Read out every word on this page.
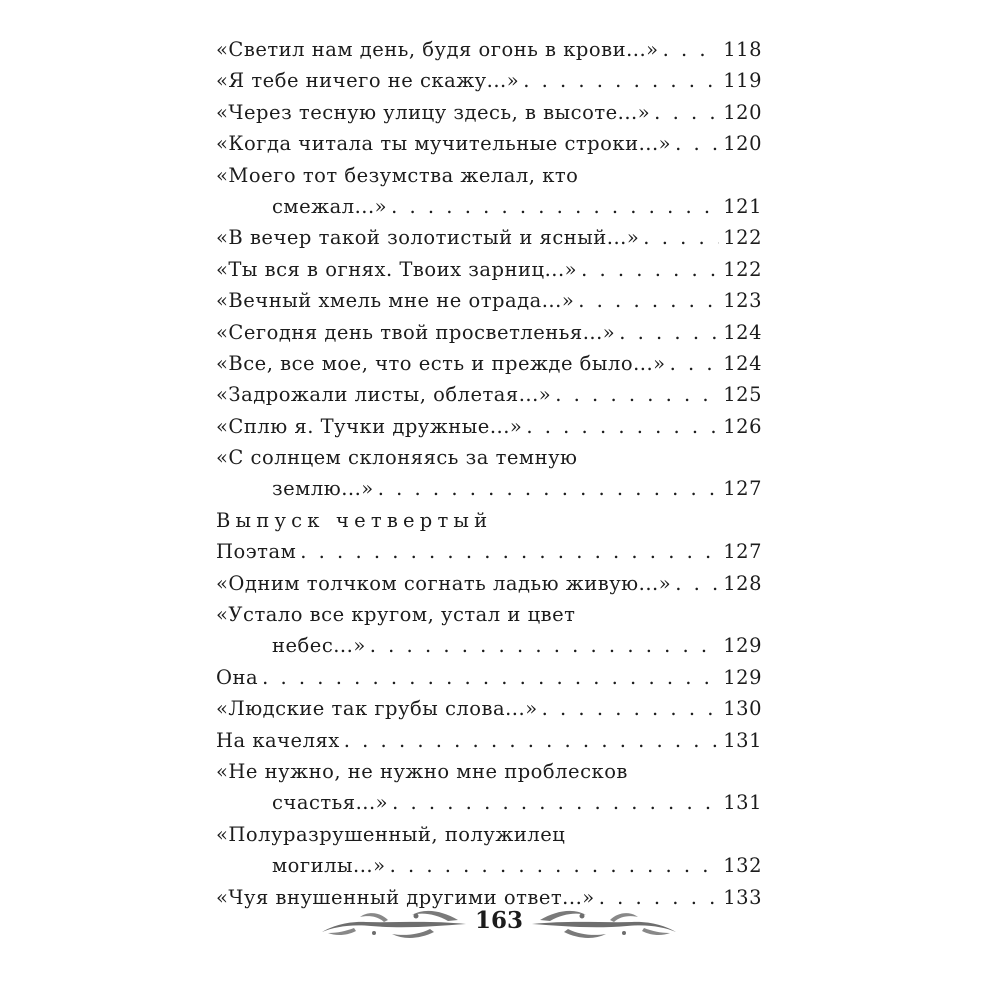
«Светил нам день, будя огонь в крови...» . . .	118
«Я тебе ничего не скажу...» . . .	119
«Через тесную улицу здесь, в высоте...» . . .	120
«Когда читала ты мучительные строки...» . . .	120
«Моего тот безумства желал, кто
смежал...» . . .	121
«В вечер такой золотистый и ясный...» . . .	122
«Ты вся в огнях. Твоих зарниц...» . . .	122
«Вечный хмель мне не отрада...» . . .	123
«Сегодня день твой просветленья...» . . .	124
«Все, все мое, что есть и прежде было...» . . .	124
«Задрожали листы, облетая...» . . .	125
«Сплю я. Тучки дружные...» . . .	126
«С солнцем склоняясь за темную
землю...» . . .	127
Выпуск четвертый
Поэтам . . .	127
«Одним толчком согнать ладью живую...» . . .	128
«Устало все кругом, устал и цвет
небес...» . . .	129
Она . . .	129
«Людские так грубы слова...» . . .	130
На качелях . . .	131
«Не нужно, не нужно мне проблесков
счастья...» . . .	131
«Полуразрушенный, полужилец
могилы...» . . .	132
«Чуя внушенный другими ответ...» . . .	133
163
